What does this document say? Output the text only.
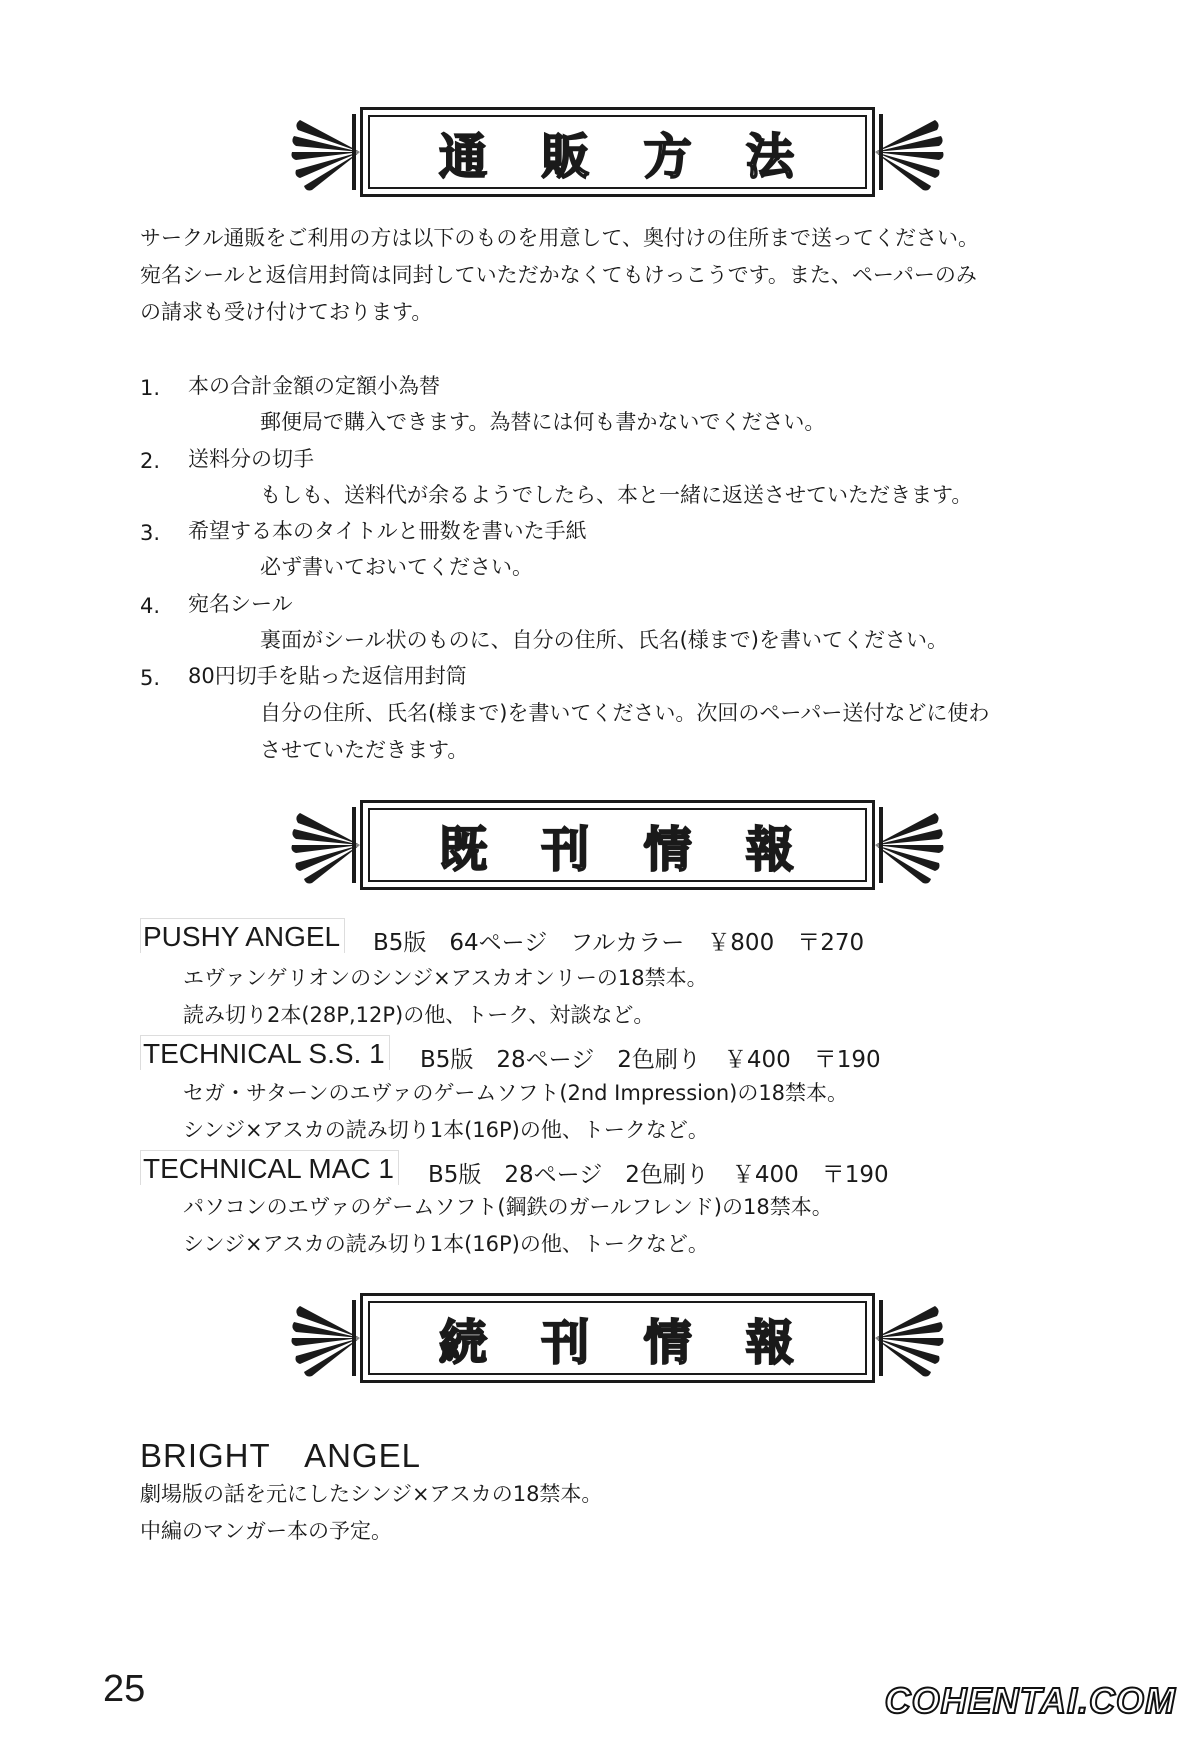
通 販 方 法
サークル通販をご利用の方は以下のものを用意して、奥付けの住所まで送ってください。
宛名シールと返信用封筒は同封していただかなくてもけっこうです。また、ペーパーのみ
の請求も受け付けております。
1. 本の合計金額の定額小為替
郵便局で購入できます。為替には何も書かないでください。
2. 送料分の切手
もしも、送料代が余るようでしたら、本と一緒に返送させていただきます。
3. 希望する本のタイトルと冊数を書いた手紙
必ず書いておいてください。
4. 宛名シール
裏面がシール状のものに、自分の住所、氏名(様まで)を書いてください。
5. 80円切手を貼った返信用封筒
自分の住所、氏名(様まで)を書いてください。次回のペーパー送付などに使わ
させていただきます。
既 刊 情 報
PUSHY ANGEL B5版　64ページ　フルカラー　￥800　〒270
エヴァンゲリオンのシンジ×アスカオンリーの18禁本。
読み切り2本(28P,12P)の他、トーク、対談など。
TECHNICAL S.S. 1 B5版　28ページ　2色刷り　￥400　〒190
セガ・サターンのエヴァのゲームソフト(2nd Impression)の18禁本。
シンジ×アスカの読み切り1本(16P)の他、トークなど。
TECHNICAL MAC 1 B5版　28ページ　2色刷り　￥400　〒190
パソコンのエヴァのゲームソフト(鋼鉄のガールフレンド)の18禁本。
シンジ×アスカの読み切り1本(16P)の他、トークなど。
続 刊 情 報
BRIGHT　ANGEL
劇場版の話を元にしたシンジ×アスカの18禁本。
中編のマンガー本の予定。
25	COHENTAI.COM
